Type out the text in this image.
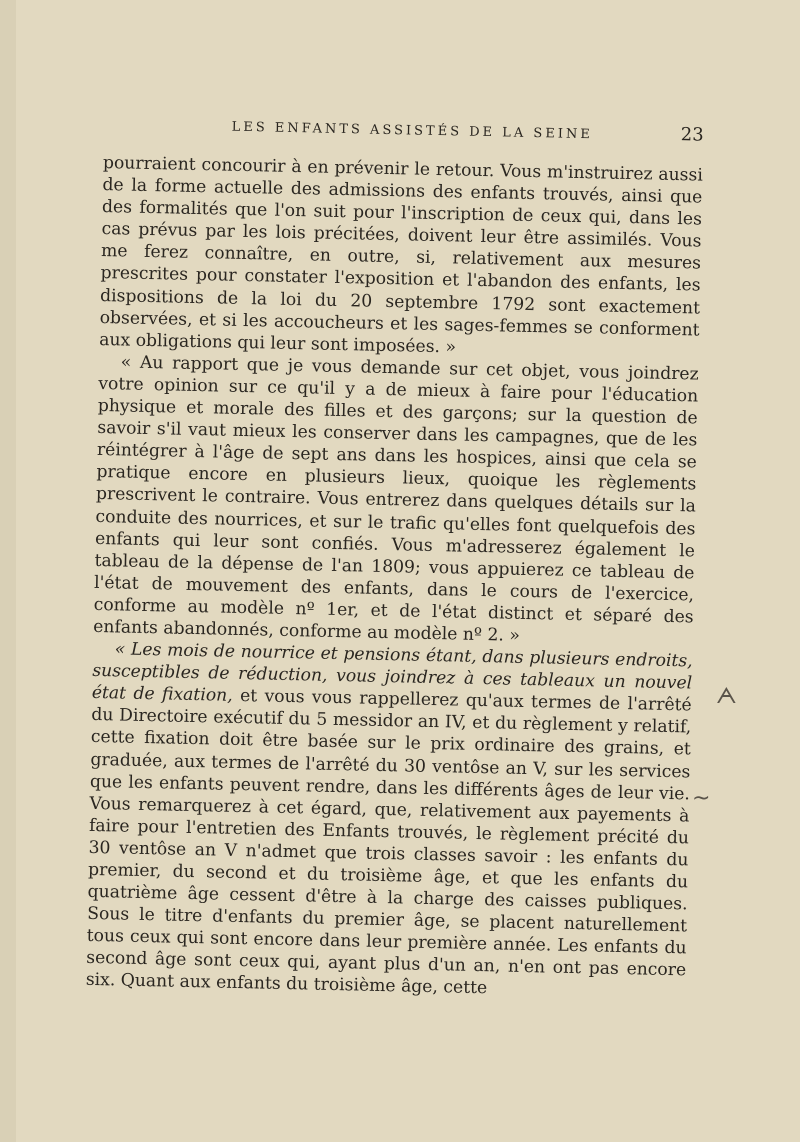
LES ENFANTS ASSISTÉS DE LA SEINE	23

pourraient concourir à en prévenir le retour. Vous m'instruirez aussi de la forme actuelle des admissions des enfants trouvés, ainsi que des formalités que l'on suit pour l'inscription de ceux qui, dans les cas prévus par les lois précitées, doivent leur être assimilés. Vous me ferez connaître, en outre, si, relativement aux mesures prescrites pour constater l'exposition et l'abandon des enfants, les dispositions de la loi du 20 septembre 1792 sont exactement observées, et si les accoucheurs et les sages-femmes se conforment aux obligations qui leur sont imposées. »

« Au rapport que je vous demande sur cet objet, vous joindrez votre opinion sur ce qu'il y a de mieux à faire pour l'éducation physique et morale des filles et des garçons; sur la question de savoir s'il vaut mieux les conserver dans les campagnes, que de les réintégrer à l'âge de sept ans dans les hospices, ainsi que cela se pratique encore en plusieurs lieux, quoique les règlements prescrivent le contraire. Vous entrerez dans quelques détails sur la conduite des nourrices, et sur le trafic qu'elles font quelquefois des enfants qui leur sont confiés. Vous m'adresserez également le tableau de la dépense de l'an 1809; vous appuierez ce tableau de l'état de mouvement des enfants, dans le cours de l'exercice, conforme au modèle nº 1er, et de l'état distinct et séparé des enfants abandonnés, conforme au modèle nº 2. »

« Les mois de nourrice et pensions étant, dans plusieurs endroits, susceptibles de réduction, vous joindrez à ces tableaux un nouvel état de fixation, et vous vous rappellerez qu'aux termes de l'arrêté du Directoire exécutif du 5 messidor an IV, et du règlement y relatif, cette fixation doit être basée sur le prix ordinaire des grains, et graduée, aux termes de l'arrêté du 30 ventôse an V, sur les services que les enfants peuvent rendre, dans les différents âges de leur vie. Vous remarquerez à cet égard, que, relativement aux payements à faire pour l'entretien des Enfants trouvés, le règlement précité du 30 ventôse an V n'admet que trois classes savoir : les enfants du premier, du second et du troisième âge, et que les enfants du quatrième âge cessent d'être à la charge des caisses publiques. Sous le titre d'enfants du premier âge, se placent naturellement tous ceux qui sont encore dans leur première année. Les enfants du second âge sont ceux qui, ayant plus d'un an, n'en ont pas encore six. Quant aux enfants du troisième âge, cette

ᗅ
~
